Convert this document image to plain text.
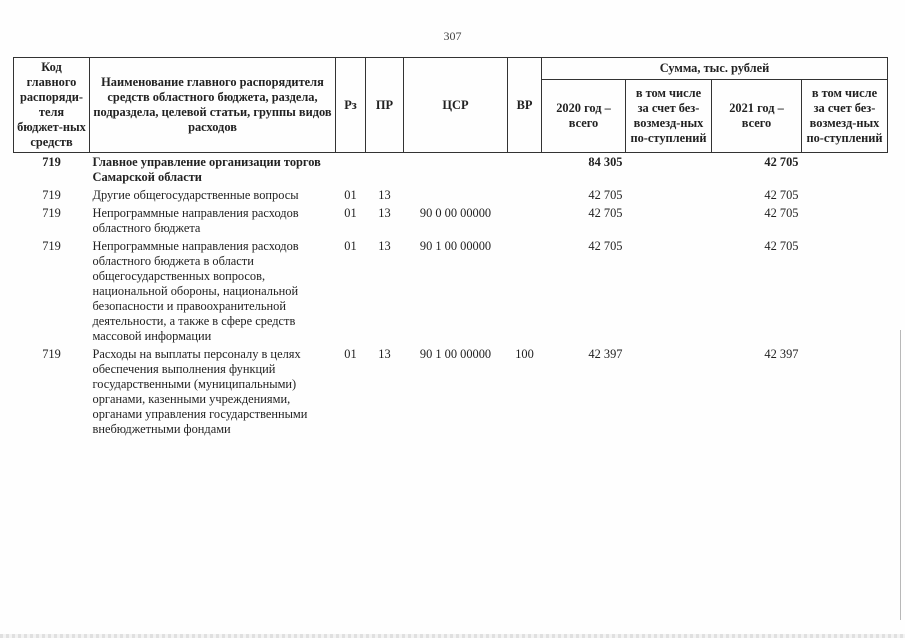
307
Код главного распоряди-теля бюджет-ных средств	Наименование главного распорядителя средств областного бюджета, раздела, подраздела, целевой статьи, группы видов расходов	Рз	ПР	ЦСР	ВР	Сумма, тыс. рублей			
						2020 год – всего	в том числе за счет без-возмезд-ных по-ступлений	2021 год – всего	в том числе за счет без-возмезд-ных по-ступлений
719	Главное управление организации торгов Самарской области					84 305		42 705	
719	Другие общегосударственные вопросы	01	13			42 705		42 705	
719	Непрограммные направления расходов областного бюджета	01	13	90 0 00 00000		42 705		42 705	
719	Непрограммные направления расходов областного бюджета в области общегосударственных вопросов, национальной обороны, национальной безопасности и правоохранительной деятельности, а также в сфере средств массовой информации	01	13	90 1 00 00000		42 705		42 705	
719	Расходы на выплаты персоналу в целях обеспечения выполнения функций государственными (муниципальными) органами, казенными учреждениями, органами управления государственными внебюджетными фондами	01	13	90 1 00 00000	100	42 397		42 397	
